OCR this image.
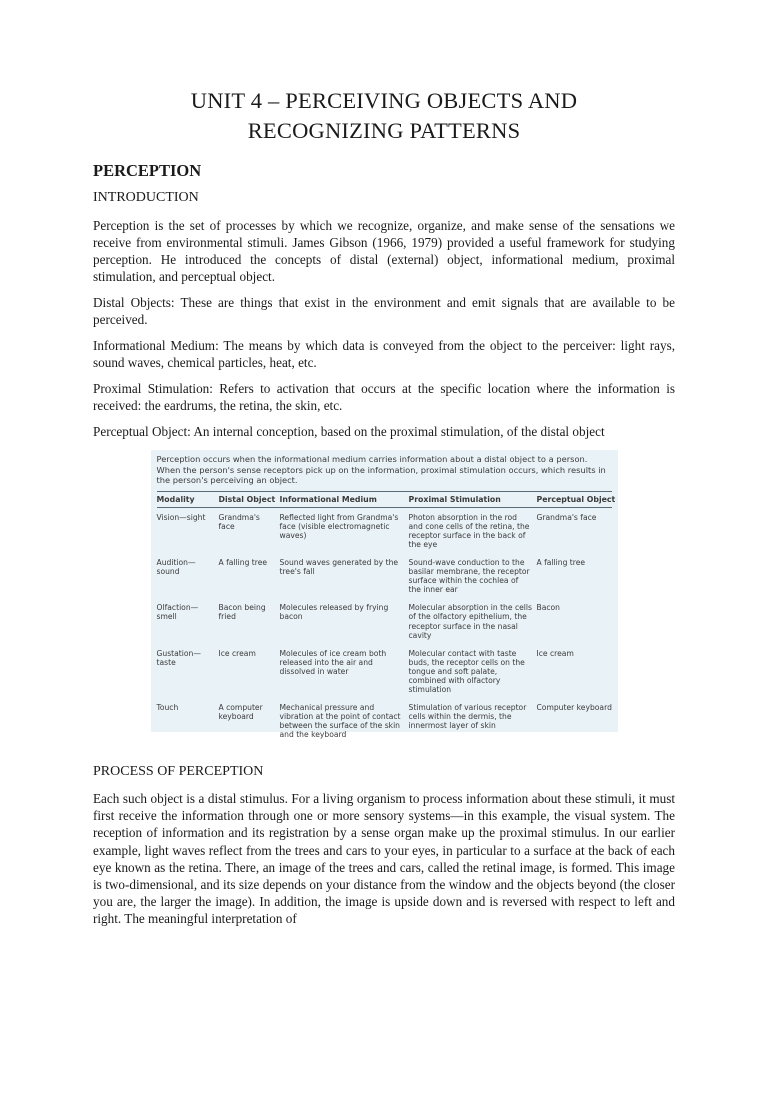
UNIT 4 – PERCEIVING OBJECTS AND
RECOGNIZING PATTERNS
PERCEPTION
INTRODUCTION

Perception is the set of processes by which we recognize, organize, and make sense of the sensations we receive from environmental stimuli. James Gibson (1966, 1979) provided a useful framework for studying perception. He introduced the concepts of distal (external) object, informational medium, proximal stimulation, and perceptual object.

Distal Objects: These are things that exist in the environment and emit signals that are available to be perceived.

Informational Medium: The means by which data is conveyed from the object to the perceiver: light rays, sound waves, chemical particles, heat, etc.

Proximal Stimulation: Refers to activation that occurs at the specific location where the information is received: the eardrums, the retina, the skin, etc.

Perceptual Object: An internal conception, based on the proximal stimulation, of the distal object

Perception occurs when the informational medium carries information about a distal object to a person. When the person's sense receptors pick up on the information, proximal stimulation occurs, which results in the person's perceiving an object.
Modality	Distal Object	Informational Medium	Proximal Stimulation	Perceptual Object
Vision—sight	Grandma's face	Reflected light from Grandma's face (visible electromagnetic waves)	Photon absorption in the rod and cone cells of the retina, the receptor surface in the back of the eye	Grandma's face
Audition—sound	A falling tree	Sound waves generated by the tree's fall	Sound-wave conduction to the basilar membrane, the receptor surface within the cochlea of the inner ear	A falling tree
Olfaction—smell	Bacon being fried	Molecules released by frying bacon	Molecular absorption in the cells of the olfactory epithelium, the receptor surface in the nasal cavity	Bacon
Gustation—taste	Ice cream	Molecules of ice cream both released into the air and dissolved in water	Molecular contact with taste buds, the receptor cells on the tongue and soft palate, combined with olfactory stimulation	Ice cream
Touch	A computer keyboard	Mechanical pressure and vibration at the point of contact between the surface of the skin and the keyboard	Stimulation of various receptor cells within the dermis, the innermost layer of skin	Computer keyboard
PROCESS OF PERCEPTION

Each such object is a distal stimulus. For a living organism to process information about these stimuli, it must first receive the information through one or more sensory systems—in this example, the visual system. The reception of information and its registration by a sense organ make up the proximal stimulus. In our earlier example, light waves reflect from the trees and cars to your eyes, in particular to a surface at the back of each eye known as the retina. There, an image of the trees and cars, called the retinal image, is formed. This image is two-dimensional, and its size depends on your distance from the window and the objects beyond (the closer you are, the larger the image). In addition, the image is upside down and is reversed with respect to left and right. The meaningful interpretation of
